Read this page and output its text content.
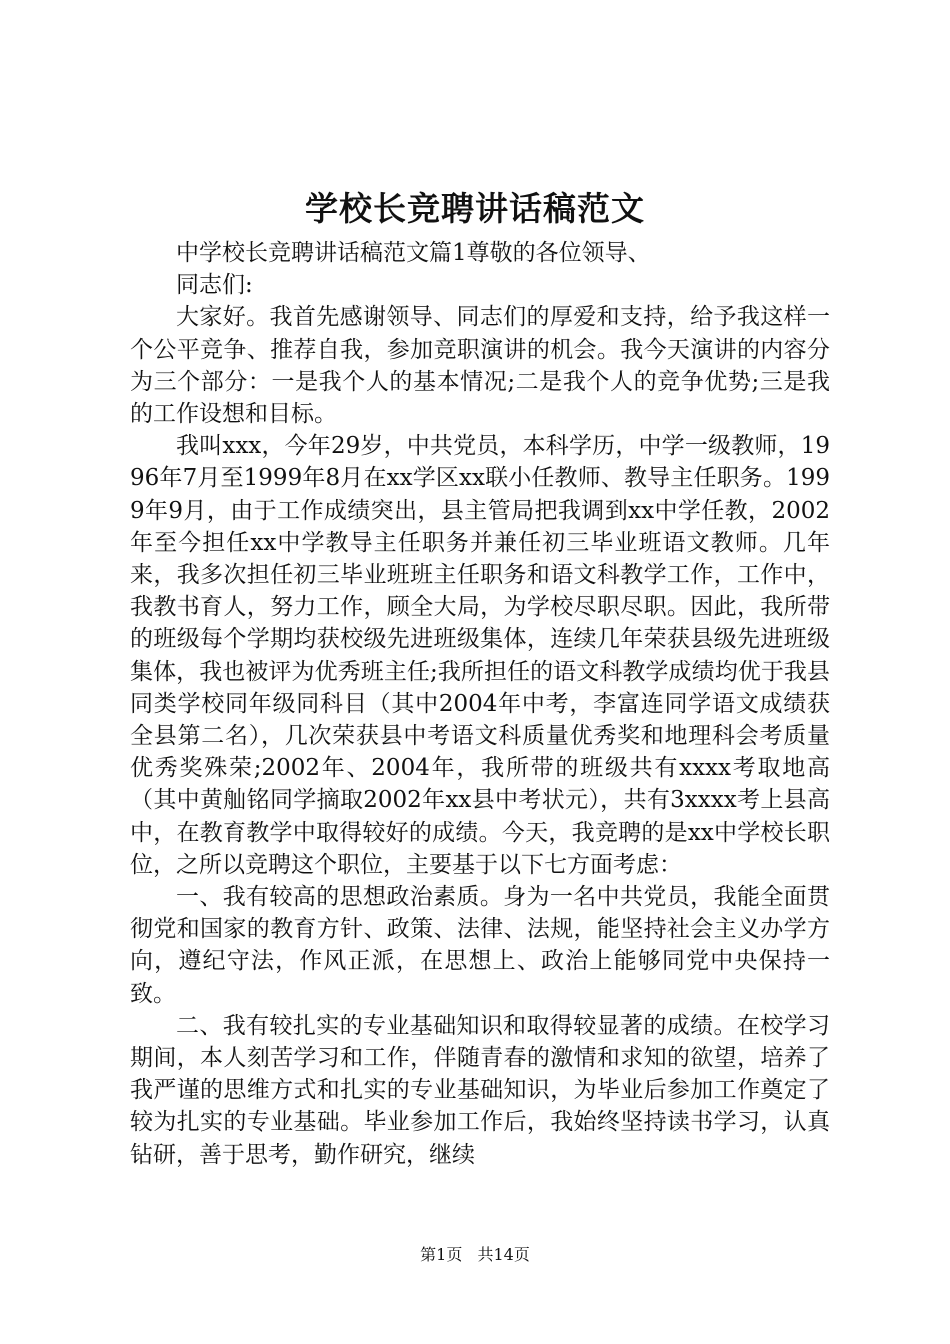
学校长竞聘讲话稿范文

中学校长竞聘讲话稿范文篇1尊敬的各位领导、

同志们:

大家好。我首先感谢领导、同志们的厚爱和支持，给予我这样一个公平竞争、推荐自我，参加竞职演讲的机会。我今天演讲的内容分为三个部分：一是我个人的基本情况;二是我个人的竞争优势;三是我的工作设想和目标。

我叫xxx，今年29岁，中共党员，本科学历，中学一级教师，1996年7月至1999年8月在xx学区xx联小任教师、教导主任职务。1999年9月，由于工作成绩突出，县主管局把我调到xx中学任教，2002年至今担任xx中学教导主任职务并兼任初三毕业班语文教师。几年来，我多次担任初三毕业班班主任职务和语文科教学工作，工作中，我教书育人，努力工作，顾全大局，为学校尽职尽职。因此，我所带的班级每个学期均获校级先进班级集体，连续几年荣获县级先进班级集体，我也被评为优秀班主任;我所担任的语文科教学成绩均优于我县同类学校同年级同科目（其中2004年中考，李富连同学语文成绩获全县第二名），几次荣获县中考语文科质量优秀奖和地理科会考质量优秀奖殊荣;2002年、2004年，我所带的班级共有xxxx考取地高（其中黄舢铭同学摘取2002年xx县中考状元），共有3xxxx考上县高中，在教育教学中取得较好的成绩。今天，我竞聘的是xx中学校长职位，之所以竞聘这个职位，主要基于以下七方面考虑：

一、我有较高的思想政治素质。身为一名中共党员，我能全面贯彻党和国家的教育方针、政策、法律、法规，能坚持社会主义办学方向，遵纪守法，作风正派，在思想上、政治上能够同党中央保持一致。

二、我有较扎实的专业基础知识和取得较显著的成绩。在校学习期间，本人刻苦学习和工作，伴随青春的激情和求知的欲望，培养了我严谨的思维方式和扎实的专业基础知识，为毕业后参加工作奠定了较为扎实的专业基础。毕业参加工作后，我始终坚持读书学习，认真钻研，善于思考，勤作研究，继续

第1页 共14页
